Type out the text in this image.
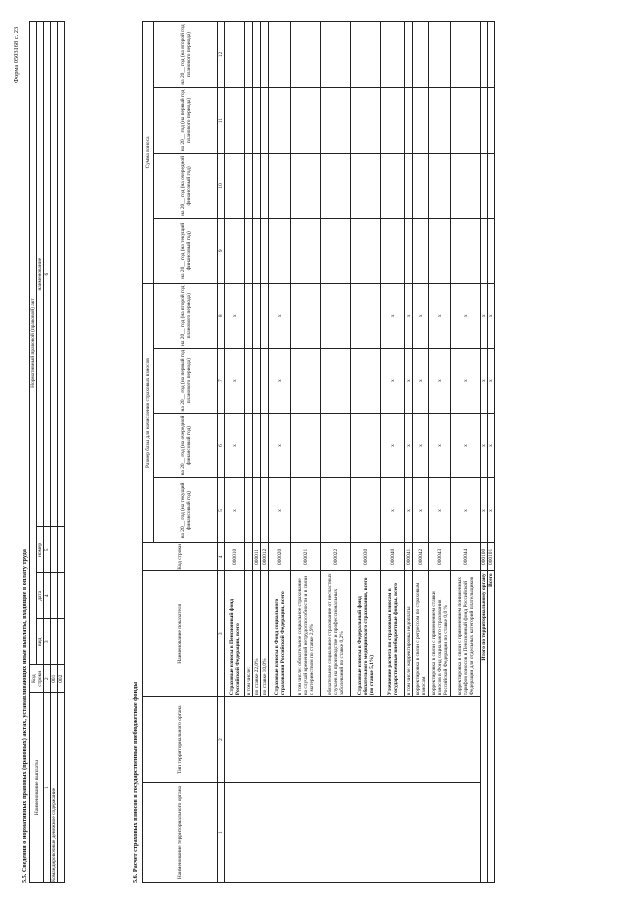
Форма 0503168 с. 23
5.5. Сведения о нормативных правовых (правовых) актах, устанавливающих иные выплаты, входящие в оплату труда Наименование выплаты	Код
строки	Нормативный правовой (правовой) акт			
		вид	дата	номер	наименование
1	2	3	4	5	6
Командировочные денежное содержание	001				
	002				
5.6. Расчет страховых взносов в государственные внебюджетные фонды	Наименование территориального органа	Тип территориального органа	Наименование показателя	Код строки	Размер базы для начисления страховых взносов				Сумма взноса			
				на 20__ год (на текущий финансовый год)	на 20__ год (на очередной финансовый год)	на 20__ год (на первый год планового периода)	на 20__ год (на второй год планового периода)	на 20__ год (на текущий финансовый год)	на 20__ год (на очередной финансовый год)	на 20__ год (на первый год планового периода)	на 20__ год (на второй год планового периода)
1	2	3	4	5	6	7	8	9	10	11	12
		Страховые взносы в Пенсионный фонд Российской Федерации, всего	000010	х	х	х	х				
		в том числе:									
		по ставке 22,0%	000011								
		по ставке 10,0%	000012								
		Страховые взносы в Фонд социального страхования Российской Федерации, всего	000020	х	х	х	х				
		в том числе: обязательное социальное страхование на случай временной нетрудоспособности и в связи с материнством по ставке 2,9%	000021								
		обязательное социальное страхование от несчастных случаев на производстве и профессиональных заболеваний по ставке 0,2%	000022								
		Страховые взносы в Федеральный фонд обязательного медицинского страхования, всего (по ставке 5,1%)	000030								
		Уточнение расчета по страховым взносам в государственные внебюджетные фонды, всего	000040	х	х	х	х				
		в том числе: корректировка недоплаты	000041	х	х	х	х				
		корректировка в связи с регрессом по страховым взносам	000042	х	х	х	х				
		корректировка в связи с применением ставки взносов в Фонд социального страхования Российской Федерации по ставке 0,0 %	000043	х	х	х	х				
		корректировка в связи с применением пониженных тарифов взносов в Пенсионный фонд Российской Федерации для отдельных категорий плательщиков	000044	х	х	х	х				
Итого по территориальному органу			000100	х	х	х	х				
Всего			000101	х	х	х	х				
